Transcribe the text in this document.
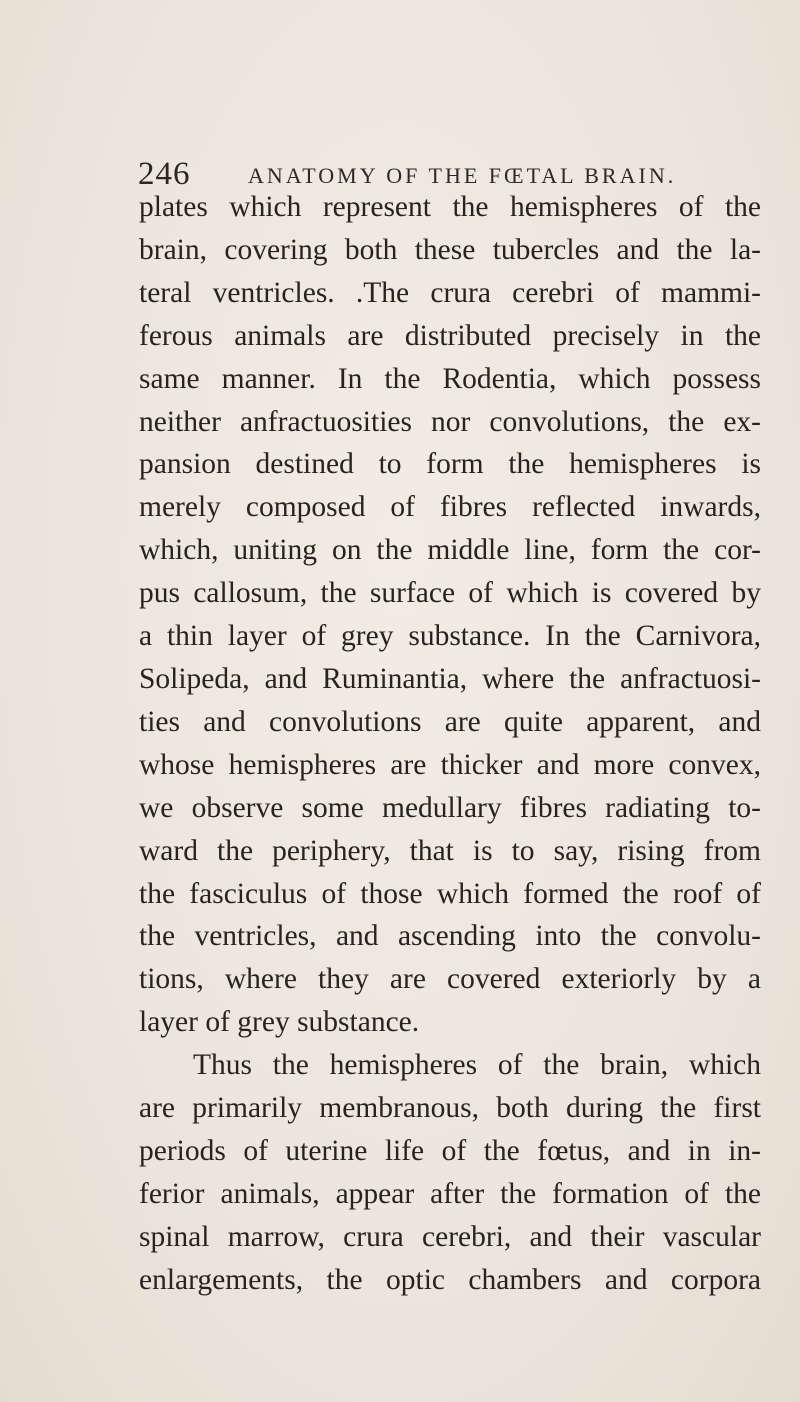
246	ANATOMY OF THE FŒTAL BRAIN.
plates which represent the hemispheres of the
brain, covering both these tubercles and the la-
teral ventricles. .The crura cerebri of mammi-
ferous animals are distributed precisely in the
same manner. In the Rodentia, which possess
neither anfractuosities nor convolutions, the ex-
pansion destined to form the hemispheres is
merely composed of fibres reflected inwards,
which, uniting on the middle line, form the cor-
pus callosum, the surface of which is covered by
a thin layer of grey substance. In the Carnivora,
Solipeda, and Ruminantia, where the anfractuosi-
ties and convolutions are quite apparent, and
whose hemispheres are thicker and more convex,
we observe some medullary fibres radiating to-
ward the periphery, that is to say, rising from
the fasciculus of those which formed the roof of
the ventricles, and ascending into the convolu-
tions, where they are covered exteriorly by a
layer of grey substance.
Thus the hemispheres of the brain, which
are primarily membranous, both during the first
periods of uterine life of the fœtus, and in in-
ferior animals, appear after the formation of the
spinal marrow, crura cerebri, and their vascular
enlargements, the optic chambers and corpora
